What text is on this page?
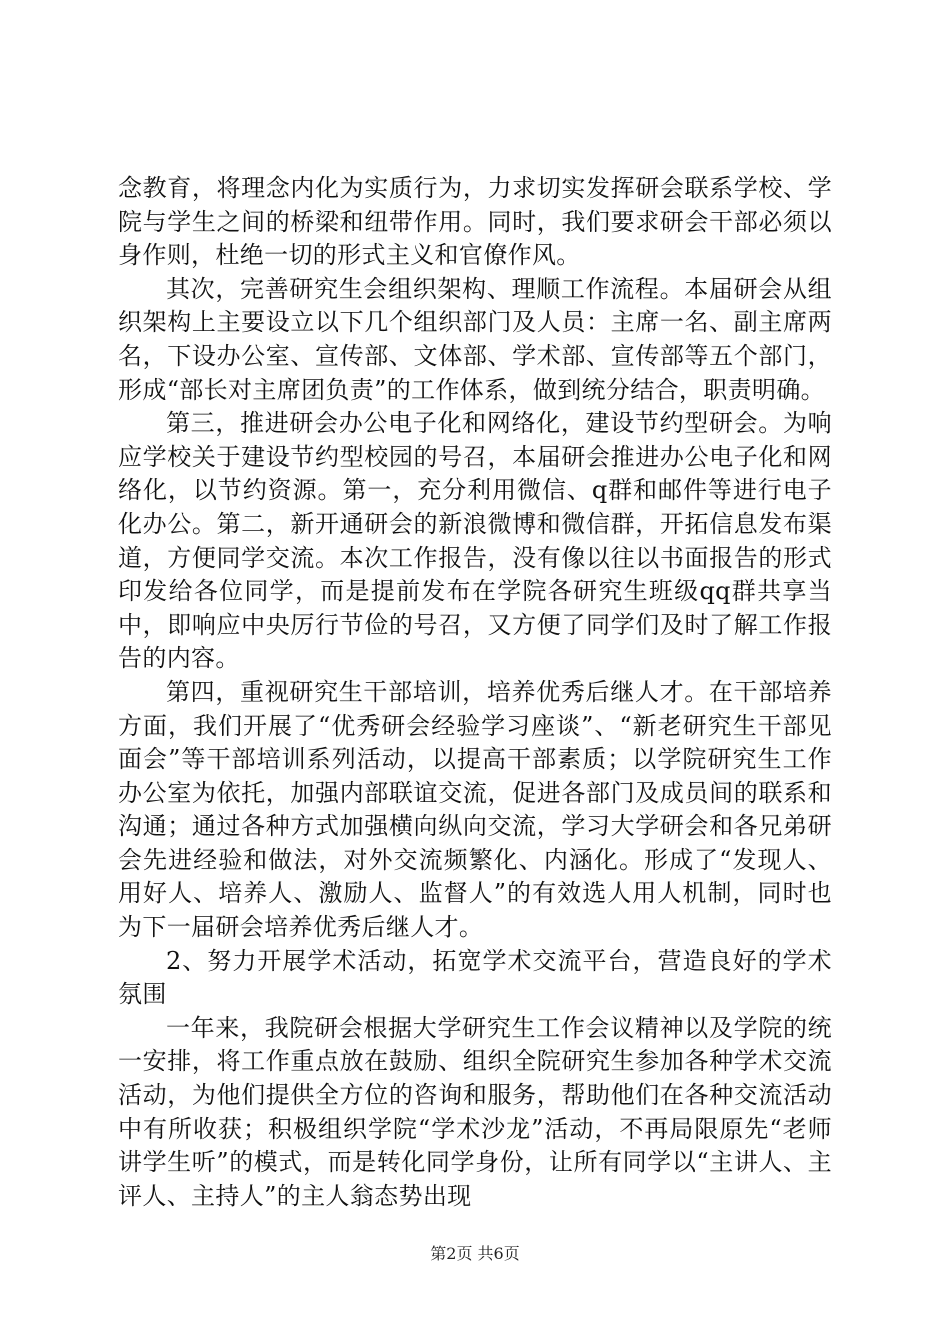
念教育，将理念内化为实质行为，力求切实发挥研会联系学校、学院与学生之间的桥梁和纽带作用。同时，我们要求研会干部必须以身作则，杜绝一切的形式主义和官僚作风。

其次，完善研究生会组织架构、理顺工作流程。本届研会从组织架构上主要设立以下几个组织部门及人员：主席一名、副主席两名，下设办公室、宣传部、文体部、学术部、宣传部等五个部门，形成“部长对主席团负责”的工作体系，做到统分结合，职责明确。

第三，推进研会办公电子化和网络化，建设节约型研会。为响应学校关于建设节约型校园的号召，本届研会推进办公电子化和网络化，以节约资源。第一，充分利用微信、q群和邮件等进行电子化办公。第二，新开通研会的新浪微博和微信群，开拓信息发布渠道，方便同学交流。本次工作报告，没有像以往以书面报告的形式印发给各位同学，而是提前发布在学院各研究生班级qq群共享当中，即响应中央厉行节俭的号召，又方便了同学们及时了解工作报告的内容。

第四，重视研究生干部培训，培养优秀后继人才。在干部培养方面，我们开展了“优秀研会经验学习座谈”、“新老研究生干部见面会”等干部培训系列活动，以提高干部素质；以学院研究生工作办公室为依托，加强内部联谊交流，促进各部门及成员间的联系和沟通；通过各种方式加强横向纵向交流，学习大学研会和各兄弟研会先进经验和做法，对外交流频繁化、内涵化。形成了“发现人、用好人、培养人、激励人、监督人”的有效选人用人机制，同时也为下一届研会培养优秀后继人才。

2、努力开展学术活动，拓宽学术交流平台，营造良好的学术氛围

一年来，我院研会根据大学研究生工作会议精神以及学院的统一安排，将工作重点放在鼓励、组织全院研究生参加各种学术交流活动，为他们提供全方位的咨询和服务，帮助他们在各种交流活动中有所收获；积极组织学院“学术沙龙”活动，不再局限原先“老师讲学生听”的模式，而是转化同学身份，让所有同学以“主讲人、主评人、主持人”的主人翁态势出现

第2页 共6页
